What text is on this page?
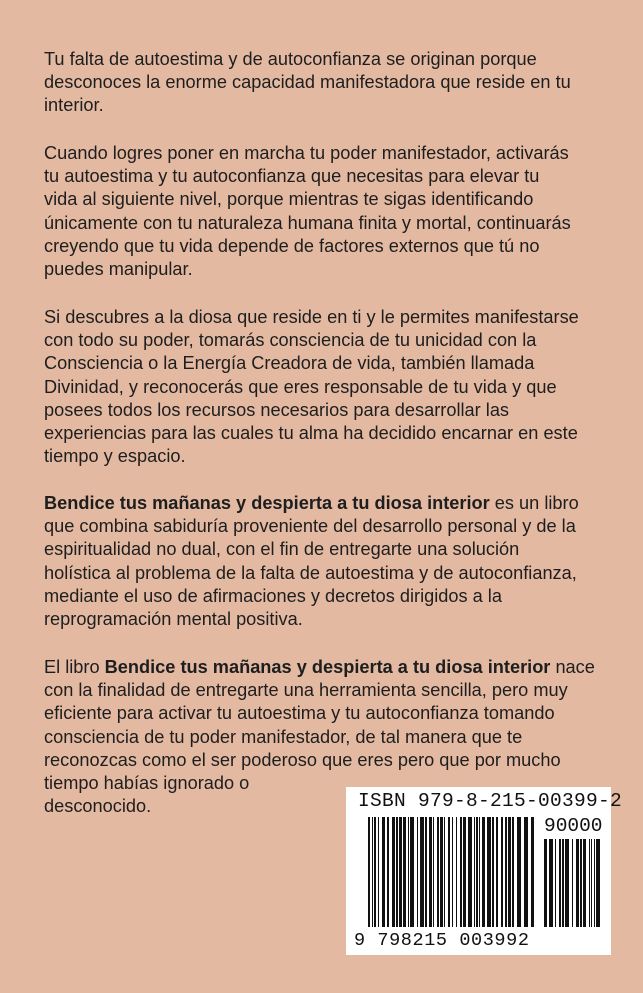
Tu falta de autoestima y de autoconfianza se originan porque
desconoces la enorme capacidad manifestadora que reside en tu
interior.

Cuando logres poner en marcha tu poder manifestador, activarás
tu autoestima y tu autoconfianza que necesitas para elevar tu
vida al siguiente nivel, porque mientras te sigas identificando
únicamente con tu naturaleza humana finita y mortal, continuarás
creyendo que tu vida depende de factores externos que tú no
puedes manipular.

Si descubres a la diosa que reside en ti y le permites manifestarse
con todo su poder, tomarás consciencia de tu unicidad con la
Consciencia o la Energía Creadora de vida, también llamada
Divinidad, y reconocerás que eres responsable de tu vida y que
posees todos los recursos necesarios para desarrollar las
experiencias para las cuales tu alma ha decidido encarnar en este
tiempo y espacio.

Bendice tus mañanas y despierta a tu diosa interior es un libro
que combina sabiduría proveniente del desarrollo personal y de la
espiritualidad no dual, con el fin de entregarte una solución
holística al problema de la falta de autoestima y de autoconfianza,
mediante el uso de afirmaciones y decretos dirigidos a la
reprogramación mental positiva.

El libro Bendice tus mañanas y despierta a tu diosa interior nace
con la finalidad de entregarte una herramienta sencilla, pero muy
eficiente para activar tu autoestima y tu autoconfianza tomando
consciencia de tu poder manifestador, de tal manera que te
reconozcas como el ser poderoso que eres pero que por mucho
tiempo habías ignorado o
desconocido.	ISBN 979-8-215-00399-2
90000
9 798215 003992
